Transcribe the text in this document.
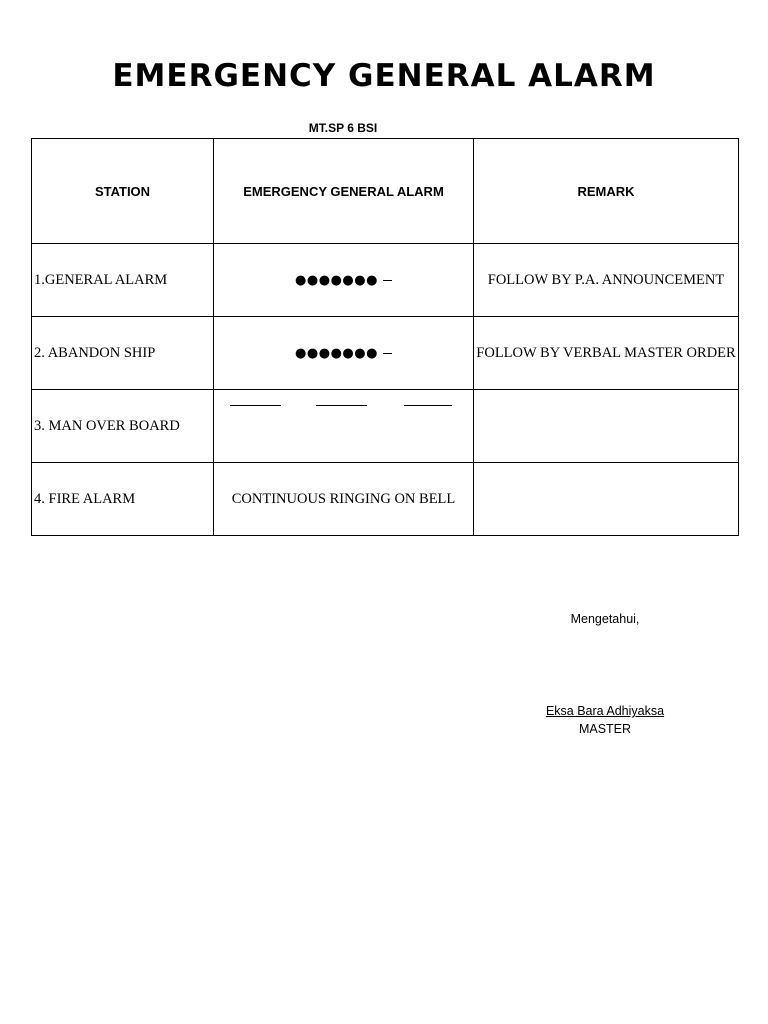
EMERGENCY GENERAL ALARM
MT.SP 6 BSI
STATION	EMERGENCY GENERAL ALARM	REMARK
1.GENERAL ALARM	●●●●●●●	FOLLOW BY P.A. ANNOUNCEMENT
2. ABANDON SHIP	●●●●●●●	FOLLOW BY VERBAL MASTER ORDER
3. MAN OVER BOARD	

4. FIRE ALARM	CONTINUOUS RINGING ON BELL	
Mengetahui,
Eksa Bara Adhiyaksa
MASTER
